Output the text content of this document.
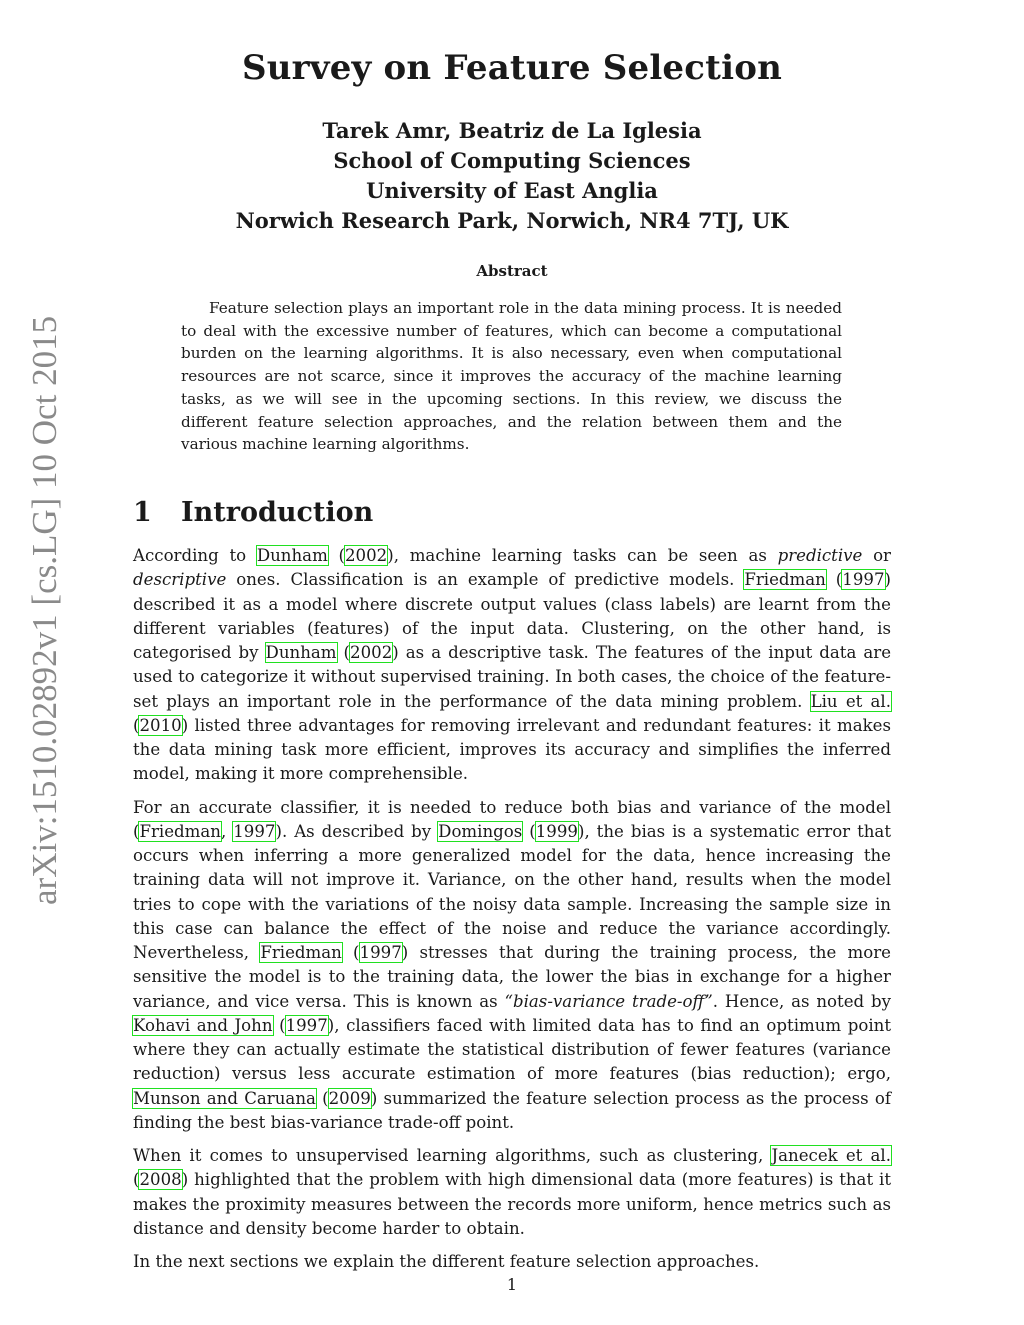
arXiv:1510.02892v1 [cs.LG] 10 Oct 2015
Survey on Feature Selection
Tarek Amr, Beatriz de La Iglesia
School of Computing Sciences
University of East Anglia
Norwich Research Park, Norwich, NR4 7TJ, UK
Abstract

Feature selection plays an important role in the data mining process. It is needed to deal with the excessive number of features, which can become a computational burden on the learning algorithms. It is also necessary, even when computational resources are not scarce, since it improves the accuracy of the machine learning tasks, as we will see in the upcoming sections. In this review, we discuss the different feature selection approaches, and the relation between them and the various machine learning algorithms.

1 Introduction

According to Dunham (2002), machine learning tasks can be seen as predictive or descriptive ones. Classification is an example of predictive models. Friedman (1997) described it as a model where discrete output values (class labels) are learnt from the different variables (features) of the input data. Clustering, on the other hand, is categorised by Dunham (2002) as a descriptive task. The features of the input data are used to categorize it without supervised training. In both cases, the choice of the feature-set plays an important role in the performance of the data mining problem. Liu et al. (2010) listed three advantages for removing irrelevant and redundant features: it makes the data mining task more efficient, improves its accuracy and simplifies the inferred model, making it more comprehensible.

For an accurate classifier, it is needed to reduce both bias and variance of the model (Friedman, 1997). As described by Domingos (1999), the bias is a systematic error that occurs when inferring a more generalized model for the data, hence increasing the training data will not improve it. Variance, on the other hand, results when the model tries to cope with the variations of the noisy data sample. Increasing the sample size in this case can balance the effect of the noise and reduce the variance accordingly. Nevertheless, Friedman (1997) stresses that during the training process, the more sensitive the model is to the training data, the lower the bias in exchange for a higher variance, and vice versa. This is known as “bias-variance trade-off”. Hence, as noted by Kohavi and John (1997), classifiers faced with limited data has to find an optimum point where they can actually estimate the statistical distribution of fewer features (variance reduction) versus less accurate estimation of more features (bias reduction); ergo, Munson and Caruana (2009) summarized the feature selection process as the process of finding the best bias-variance trade-off point.

When it comes to unsupervised learning algorithms, such as clustering, Janecek et al. (2008) highlighted that the problem with high dimensional data (more features) is that it makes the proximity measures between the records more uniform, hence metrics such as distance and density become harder to obtain.

In the next sections we explain the different feature selection approaches.

1
